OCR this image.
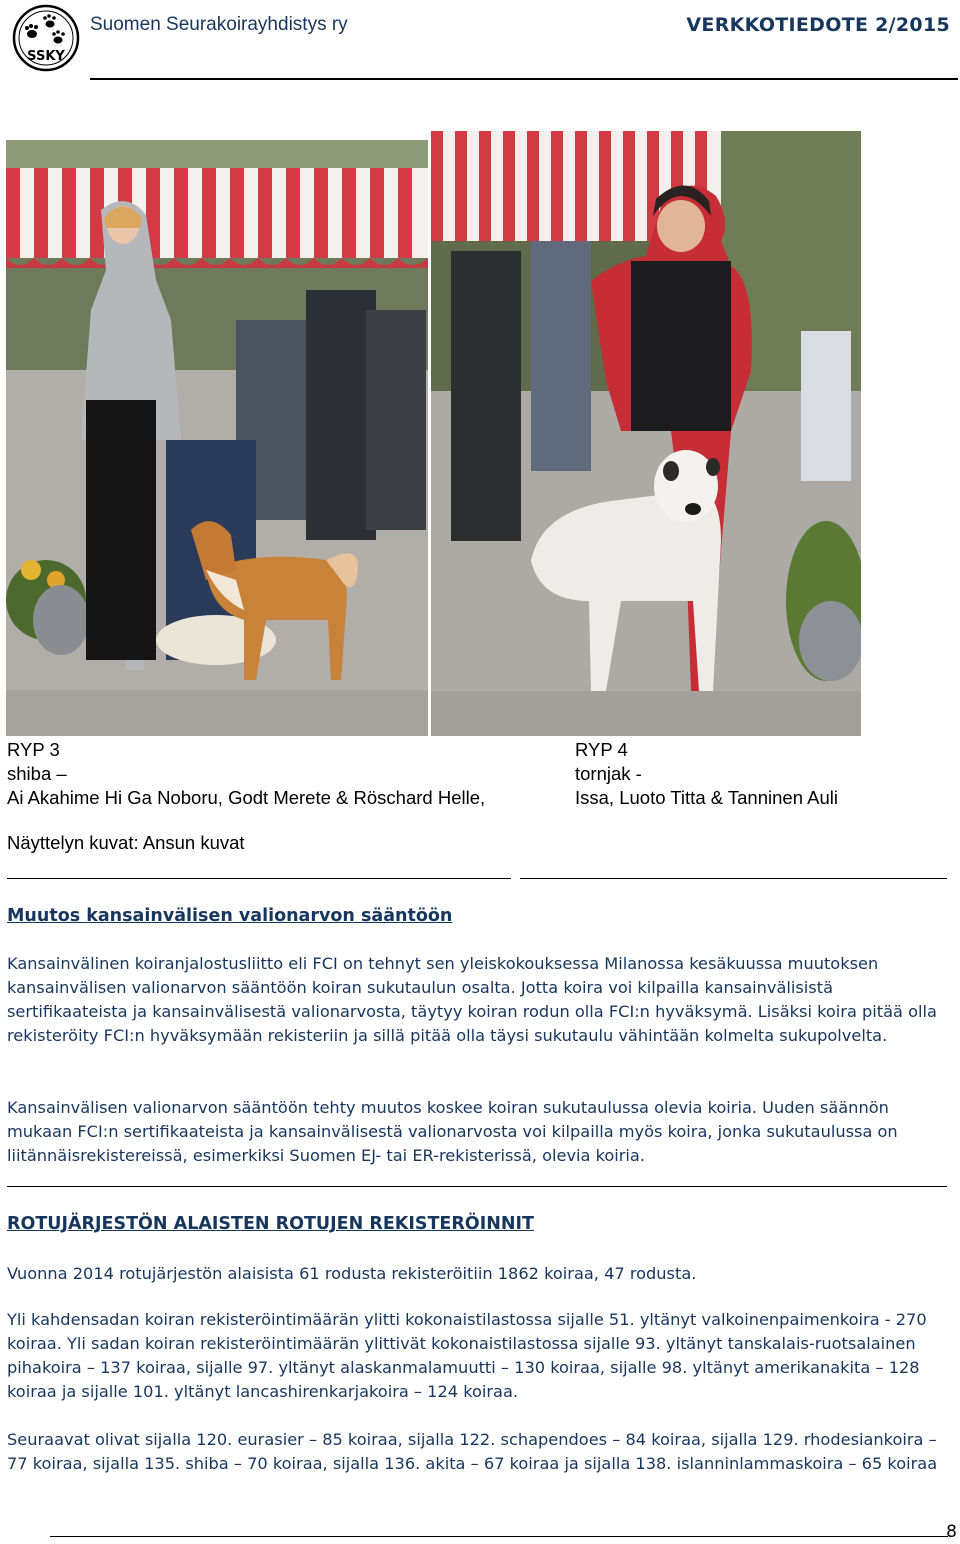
SSKY
Suomen Seurakoirayhdistys ry	VERKKOTIEDOTE 2/2015
RYP 3
shiba –
Ai Akahime Hi Ga Noboru, Godt Merete & Röschard Helle,
RYP 4
tornjak -
Issa, Luoto Titta & Tanninen Auli
Näyttelyn kuvat: Ansun kuvat
Muutos kansainvälisen valionarvon sääntöön
Kansainvälinen koiranjalostusliitto eli FCI on tehnyt sen yleiskokouksessa Milanossa kesäkuussa muutoksen kansainvälisen valionarvon sääntöön koiran sukutaulun osalta. Jotta koira voi kilpailla kansainvälisistä sertifikaateista ja kansainvälisestä valionarvosta, täytyy koiran rodun olla FCI:n hyväksymä. Lisäksi koira pitää olla rekisteröity FCI:n hyväksymään rekisteriin ja sillä pitää olla täysi sukutaulu vähintään kolmelta sukupolvelta.
Kansainvälisen valionarvon sääntöön tehty muutos koskee koiran sukutaulussa olevia koiria. Uuden säännön mukaan FCI:n sertifikaateista ja kansainvälisestä valionarvosta voi kilpailla myös koira, jonka sukutaulussa on liitännäisrekistereissä, esimerkiksi Suomen EJ- tai ER-rekisterissä, olevia koiria.
ROTUJÄRJESTÖN ALAISTEN ROTUJEN REKISTERÖINNIT
Vuonna 2014 rotujärjestön alaisista 61 rodusta rekisteröitiin 1862 koiraa, 47 rodusta.
Yli kahdensadan koiran rekisteröintimäärän ylitti kokonaistilastossa sijalle 51. yltänyt valkoinenpaimenkoira - 270 koiraa. Yli sadan koiran rekisteröintimäärän ylittivät kokonaistilastossa sijalle 93. yltänyt tanskalais-ruotsalainen pihakoira – 137 koiraa, sijalle 97. yltänyt alaskanmalamuutti – 130 koiraa, sijalle 98. yltänyt amerikanakita – 128 koiraa ja sijalle 101. yltänyt lancashirenkarjakoira – 124 koiraa.
Seuraavat olivat sijalla 120. eurasier – 85 koiraa, sijalla 122. schapendoes – 84 koiraa, sijalla 129. rhodesiankoira – 77 koiraa, sijalla 135. shiba – 70 koiraa, sijalla 136. akita – 67 koiraa ja sijalla 138. islanninlammaskoira – 65 koiraa
8
